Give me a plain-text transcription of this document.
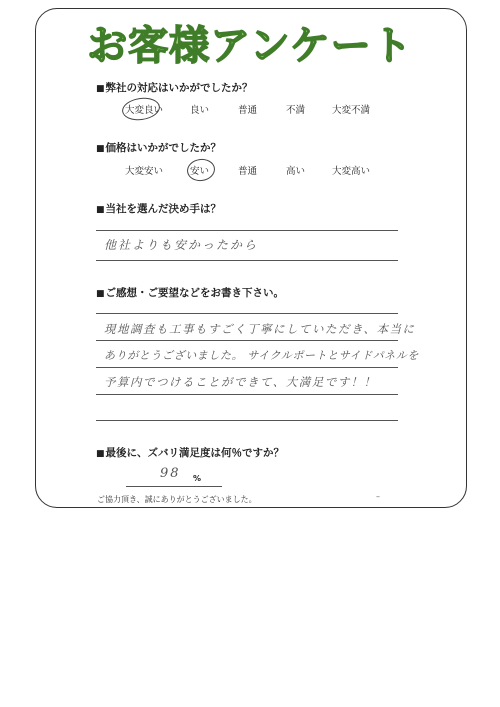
お客様アンケート
■弊社の対応はいかがでしたか？
大変良い	良い	普通	不満	大変不満
■価格はいかがでしたか？
大変安い	安い	普通	高い	大変高い
■当社を選んだ決め手は？
他社よりも安かったから
■ご感想・ご要望などをお書き下さい。
現地調査も工事もすごく丁寧にしていただき、本当に
ありがとうございました。 サイクルポートとサイドパネルを
予算内でつけることができて、大満足です！！
■最後に、ズバリ満足度は何％ですか？
98 %
ご協力頂き、誠にありがとうございました。	–
